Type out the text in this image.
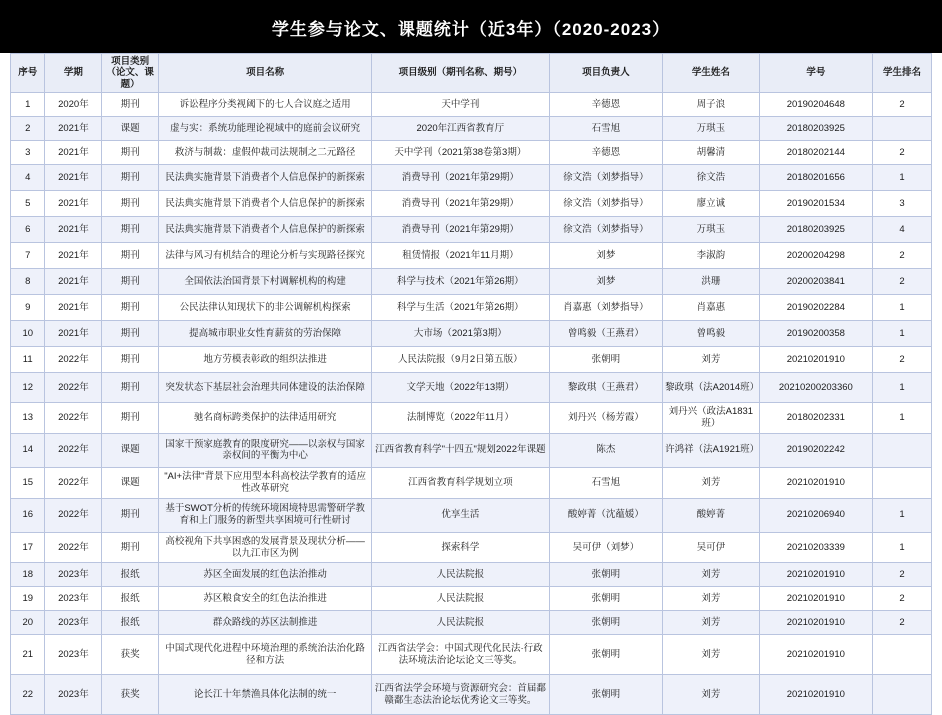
学生参与论文、课题统计（近3年）（2020-2023）
序号	学期	项目类别（论文、课题）	项目名称	项目级别（期刊名称、期号）	项目负责人	学生姓名	学号	学生排名
1	2020年	期刊	诉讼程序分类视阈下的七人合议庭之适用	天中学刊	辛德恩	周子浪	20190204648	2
2	2021年	课题	虚与实：系统功能理论视域中的庭前会议研究	2020年江西省教育厅	石雪旭	万琪玉	20180203925	
3	2021年	期刊	救济与制裁：虚假仲裁司法规制之二元路径	天中学刊（2021第38卷第3期）	辛德恩	胡馨清	20180202144	2
4	2021年	期刊	民法典实施背景下消费者个人信息保护的新探索	消费导刊（2021年第29期）	徐文浩（刘梦指导）	徐文浩	20180201656	1
5	2021年	期刊	民法典实施背景下消费者个人信息保护的新探索	消费导刊（2021年第29期）	徐文浩（刘梦指导）	廖立诚	20190201534	3
6	2021年	期刊	民法典实施背景下消费者个人信息保护的新探索	消费导刊（2021年第29期）	徐文浩（刘梦指导）	万琪玉	20180203925	4
7	2021年	期刊	法律与风习有机结合的理论分析与实现路径探究	租赁情报（2021年11月期）	刘梦	李淑韵	20200204298	2
8	2021年	期刊	全国依法治国背景下村调解机构的构建	科学与技术（2021年第26期）	刘梦	洪珊	20200203841	2
9	2021年	期刊	公民法律认知现状下的非公调解机构探索	科学与生活（2021年第26期）	肖嘉惠（刘梦指导）	肖嘉惠	20190202284	1
10	2021年	期刊	提高城市职业女性育薪贫的劳治保障	大市场（2021第3期）	曾鸣毅（王燕君）	曾鸣毅	20190200358	1
11	2022年	期刊	地方劳模表彰政的组织法推进	人民法院报（9月2日第五版）	张朝明	刘芳	20210201910	2
12	2022年	期刊	突发状态下基层社会治理共同体建设的法治保障	文学天地（2022年13期）	黎政琪（王燕君）	黎政琪（法A2014班）	20210200203360	1
13	2022年	期刊	驰名商标跨类保护的法律适用研究	法制博览（2022年11月）	刘丹兴（杨芳霞）	刘丹兴（政法A1831班）	20180202331	1
14	2022年	课题	国家干预家庭教育的限度研究——以亲权与国家亲权间的平衡为中心	江西省教育科学"十四五"规划2022年课题	陈杰	许鸿祥（法A1921班）	20190202242	
15	2022年	课题	"AI+法律"背景下应用型本科高校法学教育的适应性改革研究	江西省教育科学规划立项	石雪旭	刘芳	20210201910	
16	2022年	期刊	基于SWOT分析的传统环境困境特思需警研学教育和上门服务的新型共享困境可行性研讨	优享生活	酸婷菁（沈蕴媛）	酸婷菁	20210206940	1
17	2022年	期刊	高校视角下共享困惑的发展背景及现状分析——以九江市区为例	探索科学	吴可伊（刘梦）	吴可伊	20210203339	1
18	2023年	报纸	苏区全面发展的红色法治推动	人民法院报	张朝明	刘芳	20210201910	2
19	2023年	报纸	苏区粮食安全的红色法治推进	人民法院报	张朝明	刘芳	20210201910	2
20	2023年	报纸	群众路线的苏区法制推进	人民法院报	张朝明	刘芳	20210201910	2
21	2023年	获奖	中国式现代化进程中环境治理的系统治法治化路径和方法	江西省法学会：中国式现代化民法·行政法环境法治论坛论文三等奖。	张朝明	刘芳	20210201910	
22	2023年	获奖	论长江十年禁渔具体化法制的统一	江西省法学会环境与资源研究会：首届鄱赣鄱生态法治论坛优秀论文三等奖。	张朝明	刘芳	20210201910	
